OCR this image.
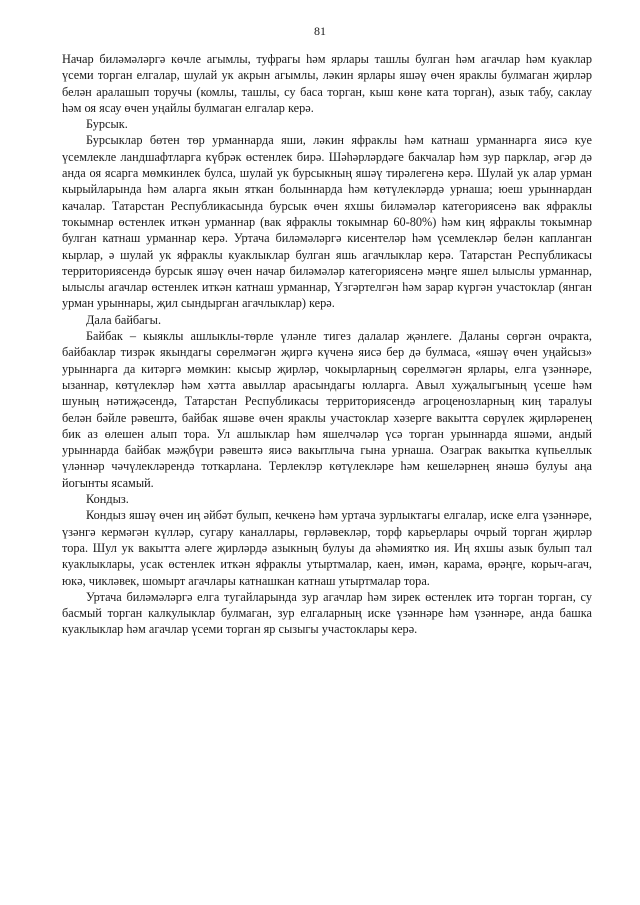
81

Начар биләмәләргә көчле агымлы, туфрагы һәм ярлары ташлы булган һәм агачлар һәм куаклар үсеми торган елгалар, шулай ук акрын агымлы, ләкин ярлары яшәү өчен яраклы булмаган җирләр белән аралашып торучы (комлы, ташлы, су баса торган, кыш көне ката торган), азык табу, саклау һәм оя ясау өчен уңайлы булмаган елгалар керә.

Бурсык.

Бурсыклар бөтен төр урманнарда яши, ләкин яфраклы һәм катнаш урманнарга яисә куе үсемлекле ландшафтларга күбрәк өстенлек бирә. Шәһәрләрдәге бакчалар һәм зур парклар, әгәр дә анда оя ясарга мөмкинлек булса, шулай ук бурсыкның яшәү тирәлегенә керә. Шулай ук алар урман кырыйларында һәм аларга якын яткан болыннарда һәм көтүлекләрдә урнаша; юеш урыннардан качалар. Татарстан Республикасында бурсык өчен яхшы биләмәләр категориясенә вак яфраклы токымнар өстенлек иткән урманнар (вак яфраклы токымнар 60-80%) һәм киң яфраклы токымнар булган катнаш урманнар керә. Уртача биләмәләргә кисентеләр һәм үсемлекләр белән капланган кырлар, ә шулай ук яфраклы куаклыклар булган яшь агачлыклар керә. Татарстан Республикасы территориясендә бурсык яшәү өчен начар биләмәләр категориясенә мәңге яшел ылыслы урманнар, ылыслы агачлар өстенлек иткән катнаш урманнар, Үзгәртелгән һәм зарар күргән участоклар (янган урман урыннары, җил сындырган агачлыклар) керә.

Дала байбагы.

Байбак – кыяклы ашлыклы-төрле үләнле тигез далалар җәнлеге. Даланы сөргән очракта, байбаклар тизрәк якындагы сөрелмәгән җиргә күченә яисә бер дә булмаса, «яшәү өчен уңайсыз» урыннарга да китәргә мөмкин: кысыр җирләр, чокырларның сөрелмәгән ярлары, елга үзәннәре, ызаннар, көтүлекләр һәм хәтта авыллар арасындагы юлларга. Авыл хуҗалыгының үсеше һәм шуның нәтиҗәсендә, Татарстан Республикасы территориясендә агроценозларның киң таралуы белән бәйле рәвештә, байбак яшәве өчен яраклы участоклар хәзерге вакытта сөрүлек җирләренең бик аз өлешен алып тора. Ул ашлыклар һәм яшелчәләр үсә торган урыннарда яшәми, андый урыннарда байбак мәҗбүри рәвештә яисә вакытлыча гына урнаша. Озаграк вакытка күпьеллык үләннәр чәчүлекләрендә тоткарлана. Терлеклэр көтүлекләре һәм кешеләрнең янәшә булуы аңа йогынты ясамый.

Кондыз.

Кондыз яшәү өчен иң әйбәт булып, кечкенә һәм уртача зурлыктагы елгалар, иске елга үзәннәре, үзәнгә кермәгән күлләр, сугару каналлары, гөрләвекләр, торф карьерлары очрый торган җирләр тора. Шул ук вакытта әлеге җирләрдә азыкның булуы да әһәмиятко ия. Иң яхшы азык булып тал куаклыклары, усак өстенлек иткән яфраклы утыртмалар, каен, имән, карама, өрәңге, корыч-агач, юкә, чикләвек, шомырт агачлары катнашкан катнаш утыртмалар тора.

Уртача биләмәләргә елга тугайларында зур агачлар һәм зирек өстенлек итә торган торган, су басмый торган калкулыклар булмаган, зур елгаларның иске үзәннәре һәм үзәннәре, анда башка куаклыклар һәм агачлар үсеми торган яр сызыгы участоклары керә.
